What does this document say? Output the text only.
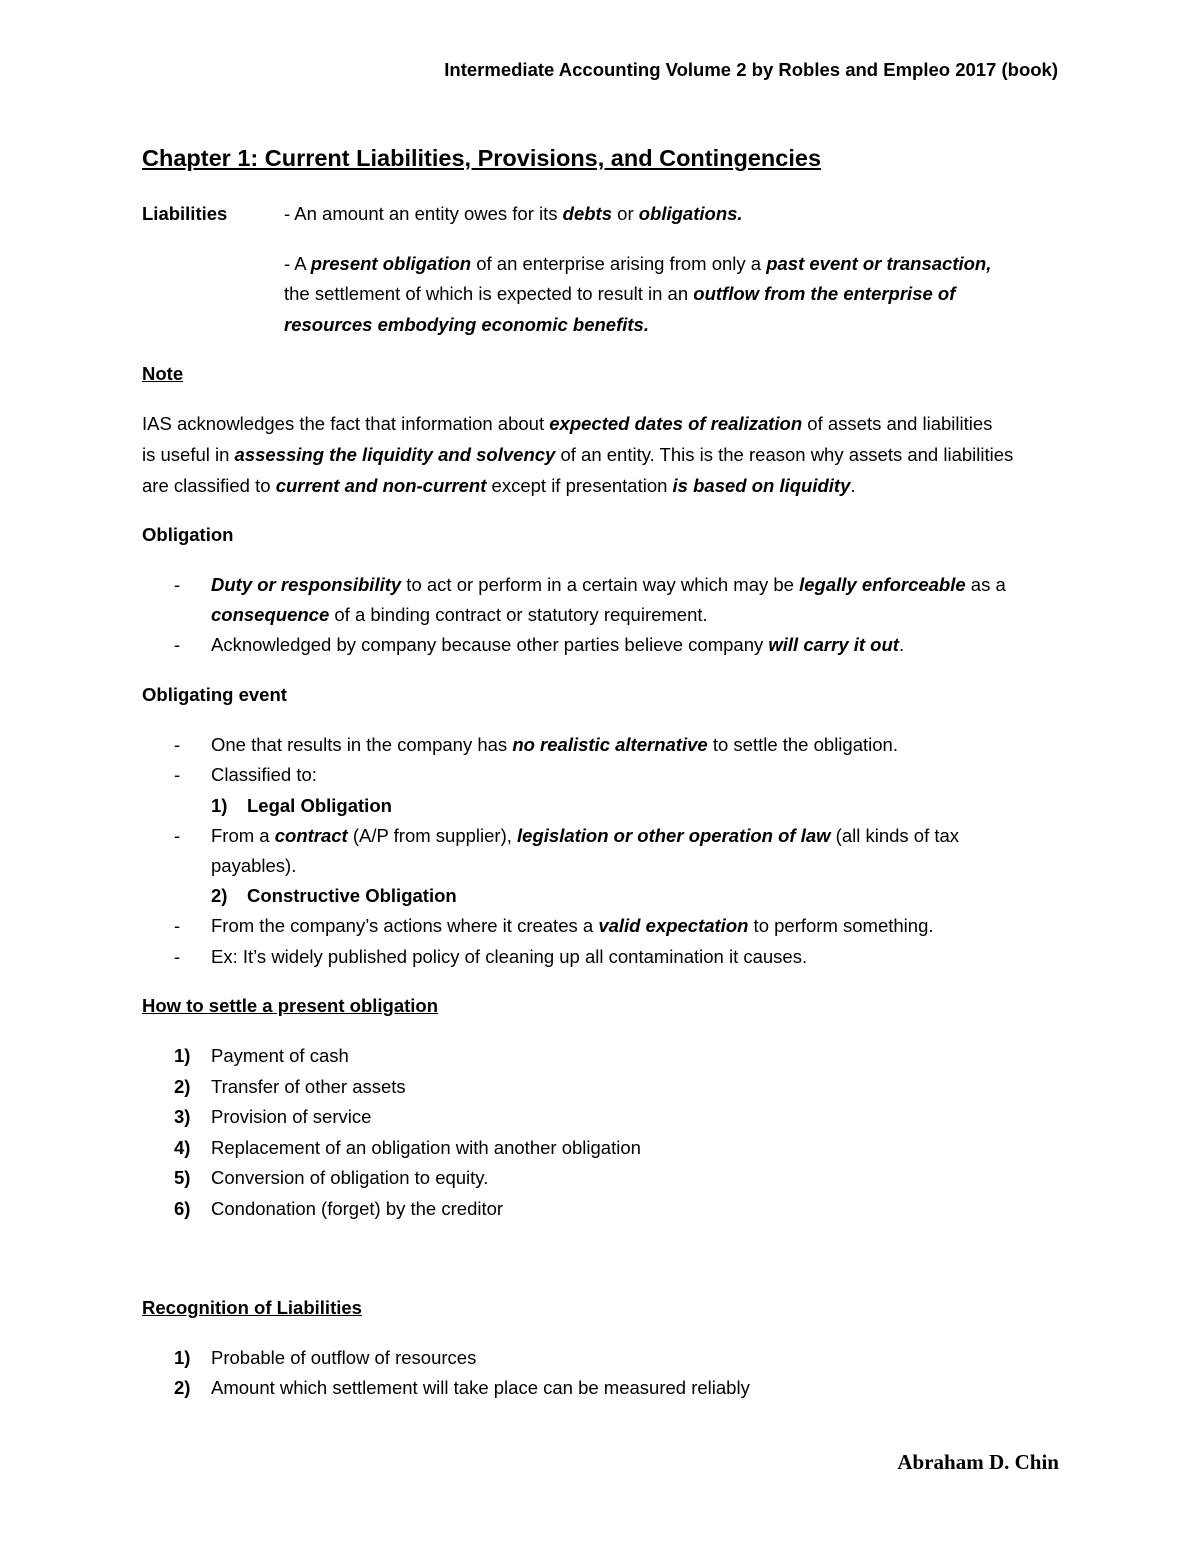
Intermediate Accounting Volume 2 by Robles and Empleo 2017 (book)
Chapter 1: Current Liabilities, Provisions, and Contingencies
Liabilities	- An amount an entity owes for its debts or obligations.
- A present obligation of an enterprise arising from only a past event or transaction,
the settlement of which is expected to result in an outflow from the enterprise of
resources embodying economic benefits.
Note
IAS acknowledges the fact that information about expected dates of realization of assets and liabilities
is useful in assessing the liquidity and solvency of an entity. This is the reason why assets and liabilities
are classified to current and non-current except if presentation is based on liquidity.
Obligation
- Duty or responsibility to act or perform in a certain way which may be legally enforceable as a
consequence of a binding contract or statutory requirement.
- Acknowledged by company because other parties believe company will carry it out.
Obligating event
- One that results in the company has no realistic alternative to settle the obligation.
- Classified to:
1) Legal Obligation
- From a contract (A/P from supplier), legislation or other operation of law (all kinds of tax
payables).
2) Constructive Obligation
- From the company’s actions where it creates a valid expectation to perform something.
- Ex: It’s widely published policy of cleaning up all contamination it causes.
How to settle a present obligation
1) Payment of cash
2) Transfer of other assets
3) Provision of service
4) Replacement of an obligation with another obligation
5) Conversion of obligation to equity.
6) Condonation (forget) by the creditor
Recognition of Liabilities
1) Probable of outflow of resources
2) Amount which settlement will take place can be measured reliably
Abraham D. Chin
